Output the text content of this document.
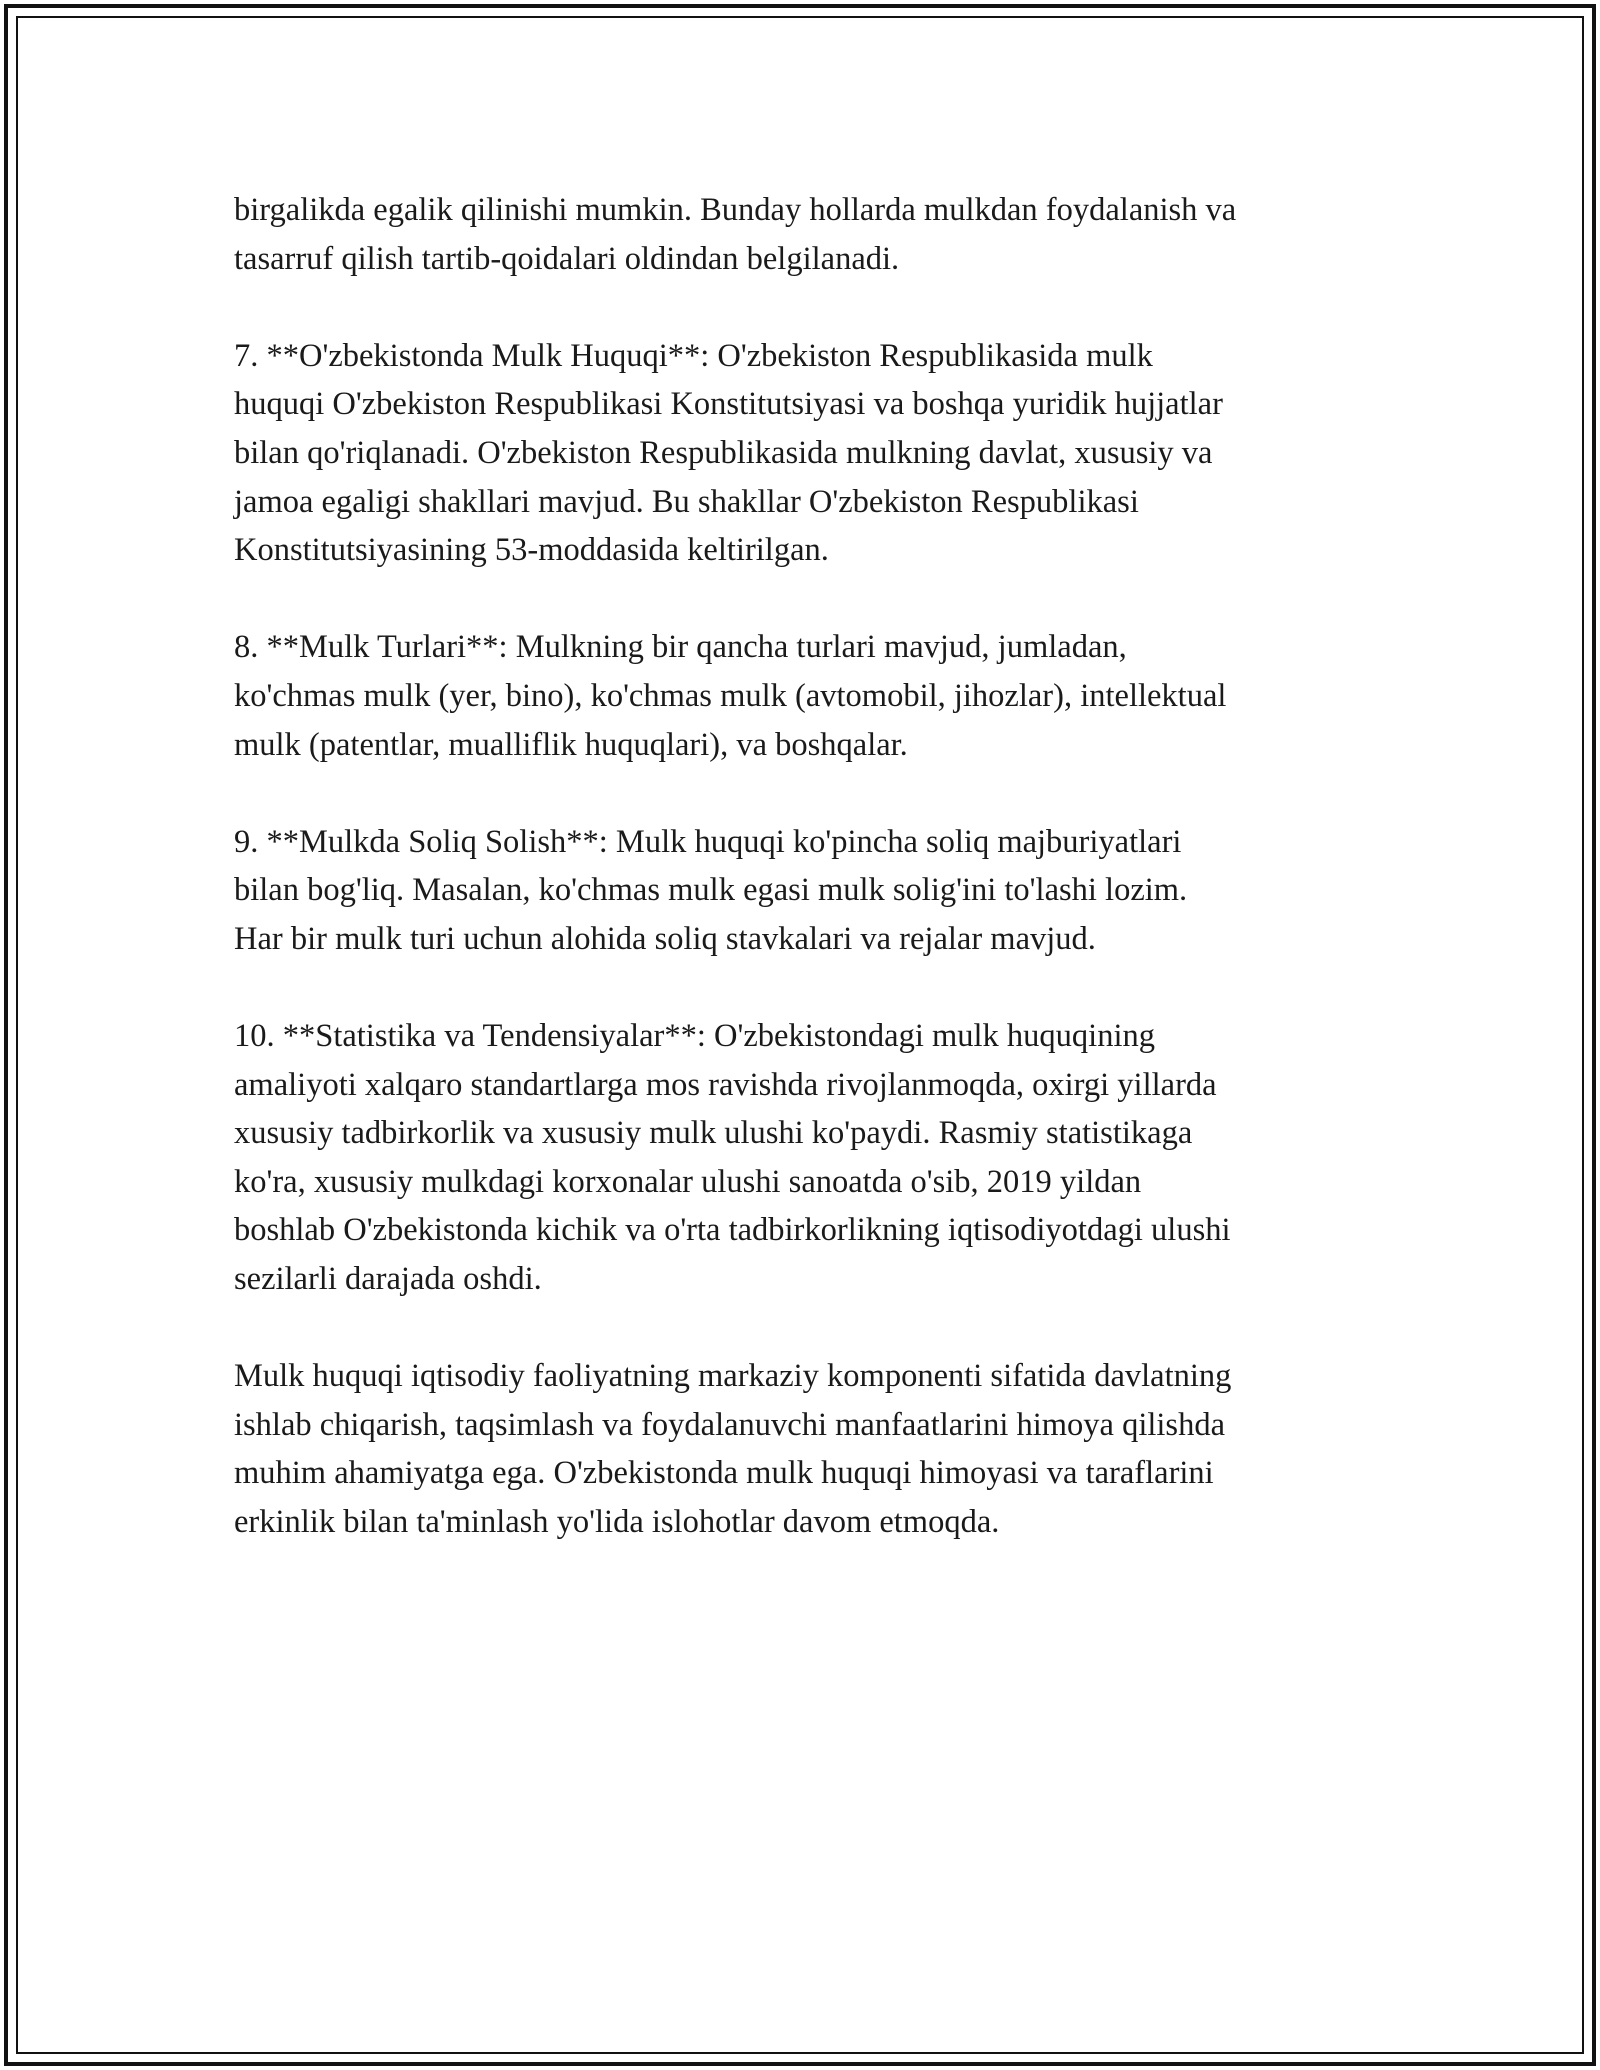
birgalikda egalik qilinishi mumkin. Bunday hollarda mulkdan foydalanish va
tasarruf qilish tartib-qoidalari oldindan belgilanadi.

7. **O'zbekistonda Mulk Huquqi**: O'zbekiston Respublikasida mulk
huquqi O'zbekiston Respublikasi Konstitutsiyasi va boshqa yuridik hujjatlar
bilan qo'riqlanadi. O'zbekiston Respublikasida mulkning davlat, xususiy va
jamoa egaligi shakllari mavjud. Bu shakllar O'zbekiston Respublikasi
Konstitutsiyasining 53-moddasida keltirilgan.

8. **Mulk Turlari**: Mulkning bir qancha turlari mavjud, jumladan,
ko'chmas mulk (yer, bino), ko'chmas mulk (avtomobil, jihozlar), intellektual
mulk (patentlar, mualliflik huquqlari), va boshqalar.

9. **Mulkda Soliq Solish**: Mulk huquqi ko'pincha soliq majburiyatlari
bilan bog'liq. Masalan, ko'chmas mulk egasi mulk solig'ini to'lashi lozim.
Har bir mulk turi uchun alohida soliq stavkalari va rejalar mavjud.

10. **Statistika va Tendensiyalar**: O'zbekistondagi mulk huquqining
amaliyoti xalqaro standartlarga mos ravishda rivojlanmoqda, oxirgi yillarda
xususiy tadbirkorlik va xususiy mulk ulushi ko'paydi. Rasmiy statistikaga
ko'ra, xususiy mulkdagi korxonalar ulushi sanoatda o'sib, 2019 yildan
boshlab O'zbekistonda kichik va o'rta tadbirkorlikning iqtisodiyotdagi ulushi
sezilarli darajada oshdi.

Mulk huquqi iqtisodiy faoliyatning markaziy komponenti sifatida davlatning
ishlab chiqarish, taqsimlash va foydalanuvchi manfaatlarini himoya qilishda
muhim ahamiyatga ega. O'zbekistonda mulk huquqi himoyasi va taraflarini
erkinlik bilan ta'minlash yo'lida islohotlar davom etmoqda.
